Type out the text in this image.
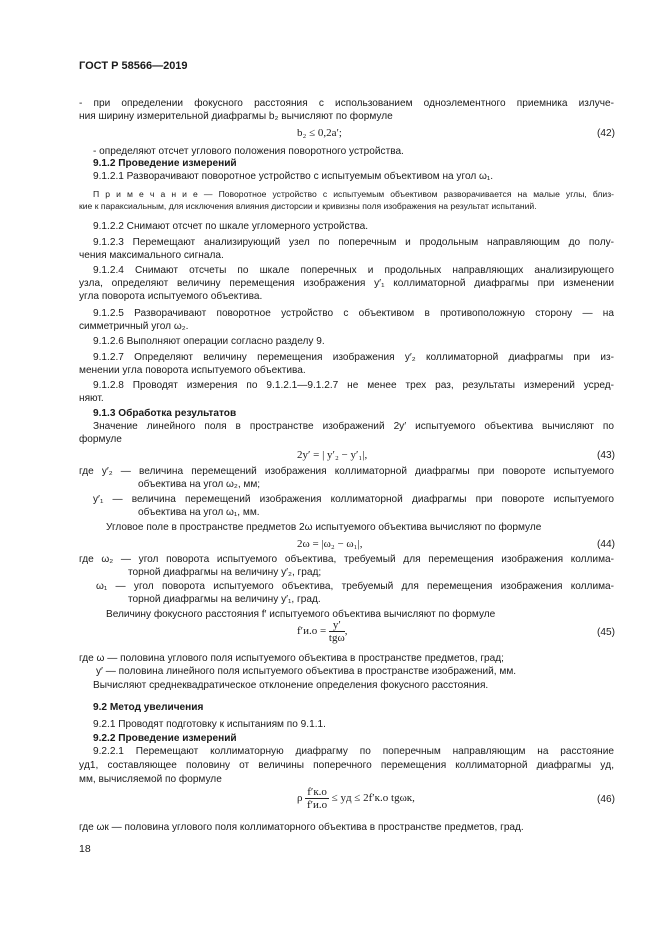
ГОСТ Р 58566—2019
- при определении фокусного расстояния с использованием одноэлементного приемника излуче-
ния ширину измерительной диафрагмы b₂ вычисляют по формуле
b₂ ≤ 0,2a′;	(42)
- определяют отсчет углового положения поворотного устройства.
9.1.2 Проведение измерений
9.1.2.1 Разворачивают поворотное устройство с испытуемым объективом на угол ω₁.
П р и м е ч а н и е — Поворотное устройство с испытуемым объективом разворачивается на малые углы, близ-
кие к параксиальным, для исключения влияния дисторсии и кривизны поля изображения на результат испытаний.
9.1.2.2 Снимают отсчет по шкале угломерного устройства.
9.1.2.3 Перемещают анализирующий узел по поперечным и продольным направляющим до полу-
чения максимального сигнала.
9.1.2.4 Снимают отсчеты по шкале поперечных и продольных направляющих анализирующего
узла, определяют величину перемещения изображения y′₁ коллиматорной диафрагмы при изменении
угла поворота испытуемого объектива.
9.1.2.5 Разворачивают поворотное устройство с объективом в противоположную сторону — на
симметричный угол ω₂.
9.1.2.6 Выполняют операции согласно разделу 9.
9.1.2.7 Определяют величину перемещения изображения y′₂ коллиматорной диафрагмы при из-
менении угла поворота испытуемого объектива.
9.1.2.8 Проводят измерения по 9.1.2.1—9.1.2.7 не менее трех раз, результаты измерений усред-
няют.
9.1.3 Обработка результатов
Значение линейного поля в пространстве изображений 2y′ испытуемого объектива вычисляют по
формуле
2y′ = | y′₂ − y′₁|,	(43)
где y′₂ — величина перемещений изображения коллиматорной диафрагмы при повороте испытуемого
объектива на угол ω₂, мм;
y′₁ — величина перемещений изображения коллиматорной диафрагмы при повороте испытуемого
объектива на угол ω₁, мм.
Угловое поле в пространстве предметов 2ω испытуемого объектива вычисляют по формуле
2ω = |ω₂ − ω₁|,	(44)
где ω₂ — угол поворота испытуемого объектива, требуемый для перемещения изображения коллима-
торной диафрагмы на величину y′₂, град;
ω₁ — угол поворота испытуемого объектива, требуемый для перемещения изображения коллима-
торной диафрагмы на величину y′₁, град.
Величину фокусного расстояния f′ испытуемого объектива вычисляют по формуле
$f'и.о = \frac{y'}{\text{tgω}}$ ,	(45)
где ω — половина углового поля испытуемого объектива в пространстве предметов, град;
y′ — половина линейного поля испытуемого объектива в пространстве изображений, мм.
Вычисляют среднеквадратическое отклонение определения фокусного расстояния.
9.2 Метод увеличения
9.2.1 Проводят подготовку к испытаниям по 9.1.1.
9.2.2 Проведение измерений
9.2.2.1 Перемещают коллиматорную диафрагму по поперечным направляющим на расстояние
yд1, составляющее половину от величины поперечного перемещения коллиматорной диафрагмы yд,
мм, вычисляемой по формуле
ρ $\frac{f'к.о}{f'и.о}$ ≤ yд ≤ 2f′к.о tgωк,	(46)
где ωк — половина углового поля коллиматорного объектива в пространстве предметов, град.
18
